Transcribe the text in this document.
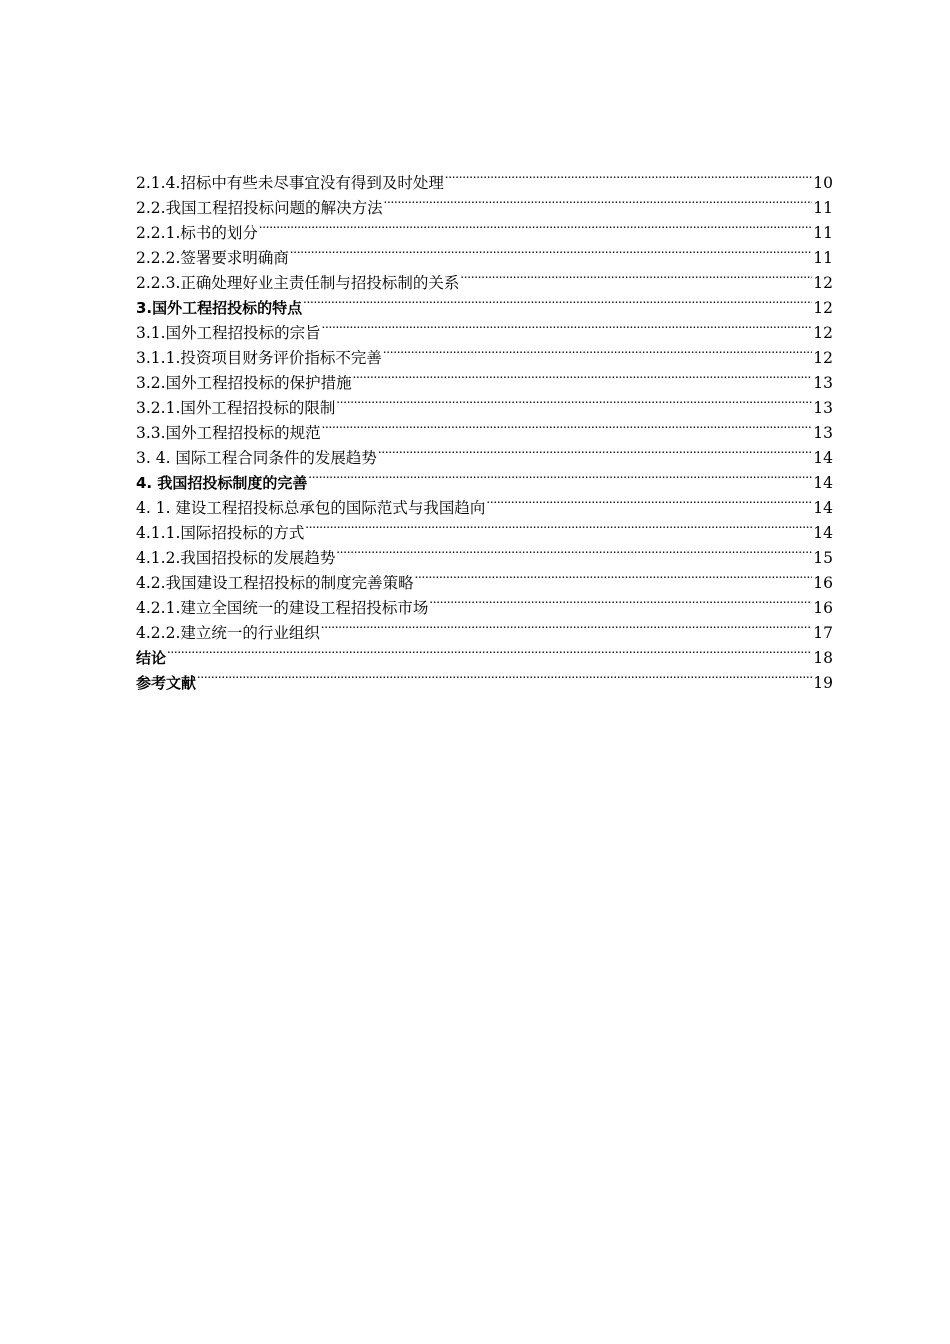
2.1.4.招标中有些未尽事宜没有得到及时处理 .....	10
2.2.我国工程招投标问题的解决方法 .....	11
2.2.1.标书的划分 .....	11
2.2.2.签署要求明确商 .....	11
2.2.3.正确处理好业主责任制与招投标制的关系 .....	12
3.国外工程招投标的特点 .....	12
3.1.国外工程招投标的宗旨 .....	12
3.1.1.投资项目财务评价指标不完善 .....	12
3.2.国外工程招投标的保护措施 .....	13
3.2.1.国外工程招投标的限制 .....	13
3.3.国外工程招投标的规范 .....	13
3. 4. 国际工程合同条件的发展趋势 .....	14
4. 我国招投标制度的完善 .....	14
4. 1. 建设工程招投标总承包的国际范式与我国趋向 .....	14
4.1.1.国际招投标的方式 .....	14
4.1.2.我国招投标的发展趋势 .....	15
4.2.我国建设工程招投标的制度完善策略 .....	16
4.2.1.建立全国统一的建设工程招投标市场 .....	16
4.2.2.建立统一的行业组织 .....	17
结论 .....	18
参考文献 .....	19
